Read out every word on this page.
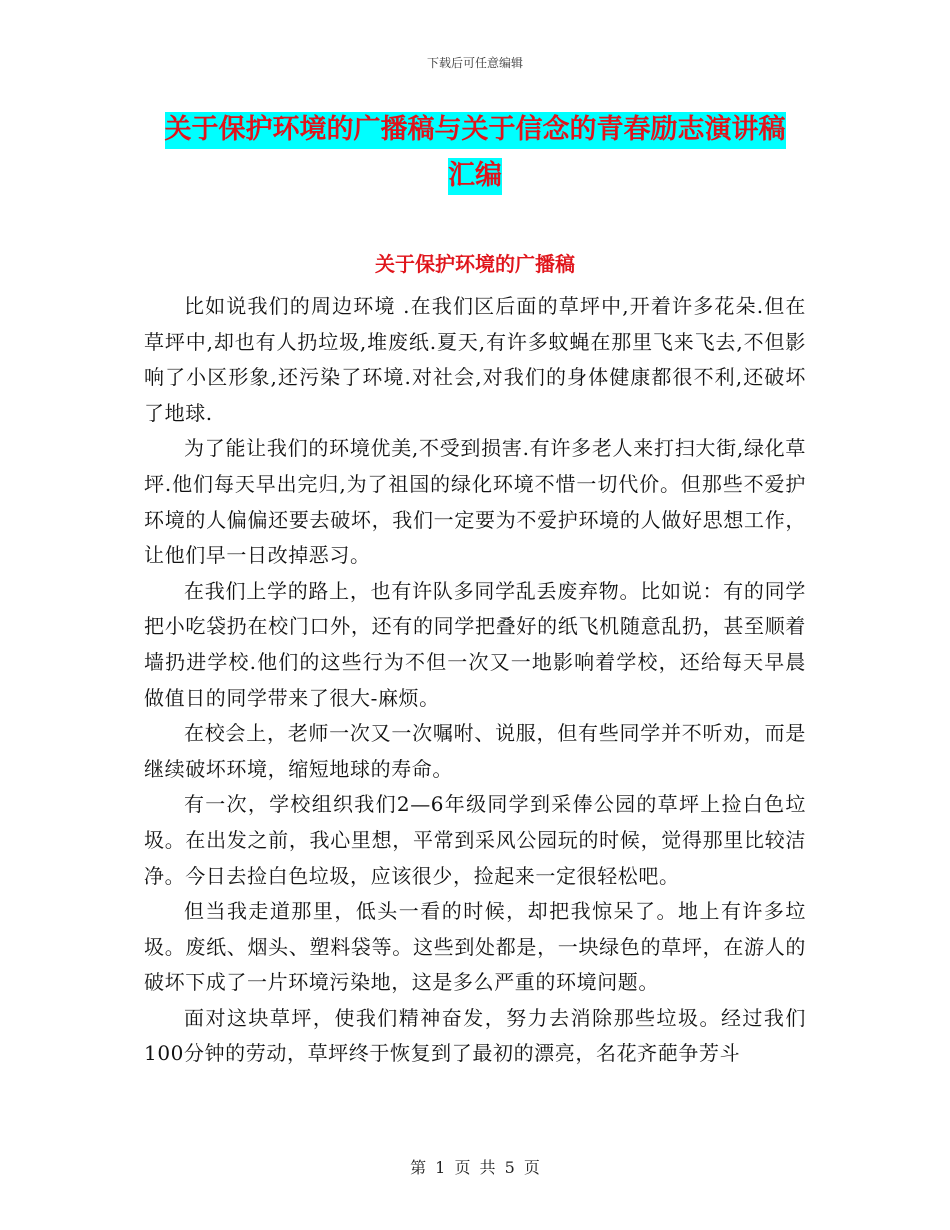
下载后可任意编辑
关于保护环境的广播稿与关于信念的青春励志演讲稿
汇编
关于保护环境的广播稿

比如说我们的周边环境 .在我们区后面的草坪中,开着许多花朵.但在草坪中,却也有人扔垃圾,堆废纸.夏天,有许多蚊蝇在那里飞来飞去,不但影响了小区形象,还污染了环境.对社会,对我们的身体健康都很不利,还破坏了地球.

为了能让我们的环境优美,不受到损害.有许多老人来打扫大街,绿化草坪.他们每天早出完归,为了祖国的绿化环境不惜一切代价。但那些不爱护环境的人偏偏还要去破坏，我们一定要为不爱护环境的人做好思想工作，让他们早一日改掉恶习。

在我们上学的路上，也有许队多同学乱丢废弃物。比如说：有的同学把小吃袋扔在校门口外，还有的同学把叠好的纸飞机随意乱扔，甚至顺着墙扔进学校.他们的这些行为不但一次又一地影响着学校，还给每天早晨做值日的同学带来了很大-麻烦。

在校会上，老师一次又一次嘱咐、说服，但有些同学并不听劝，而是继续破坏环境，缩短地球的寿命。

有一次，学校组织我们2—6年级同学到采俸公园的草坪上捡白色垃圾。在出发之前，我心里想，平常到采风公园玩的时候，觉得那里比较洁净。今日去捡白色垃圾，应该很少，捡起来一定很轻松吧。

但当我走道那里，低头一看的时候，却把我惊呆了。地上有许多垃圾。废纸、烟头、塑料袋等。这些到处都是，一块绿色的草坪，在游人的破坏下成了一片环境污染地，这是多么严重的环境问题。

面对这块草坪，使我们精神奋发，努力去消除那些垃圾。经过我们100分钟的劳动，草坪终于恢复到了最初的漂亮，名花齐葩争芳斗

第 1 页 共 5 页
